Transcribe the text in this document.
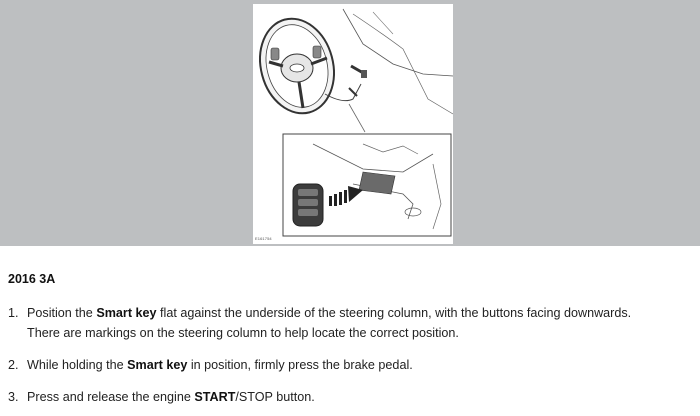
E161754
2016 3A
1. Position the Smart key flat against the underside of the steering column, with the buttons facing downwards.
There are markings on the steering column to help locate the correct position.
2. While holding the Smart key in position, firmly press the brake pedal.
3. Press and release the engine START/STOP button.
